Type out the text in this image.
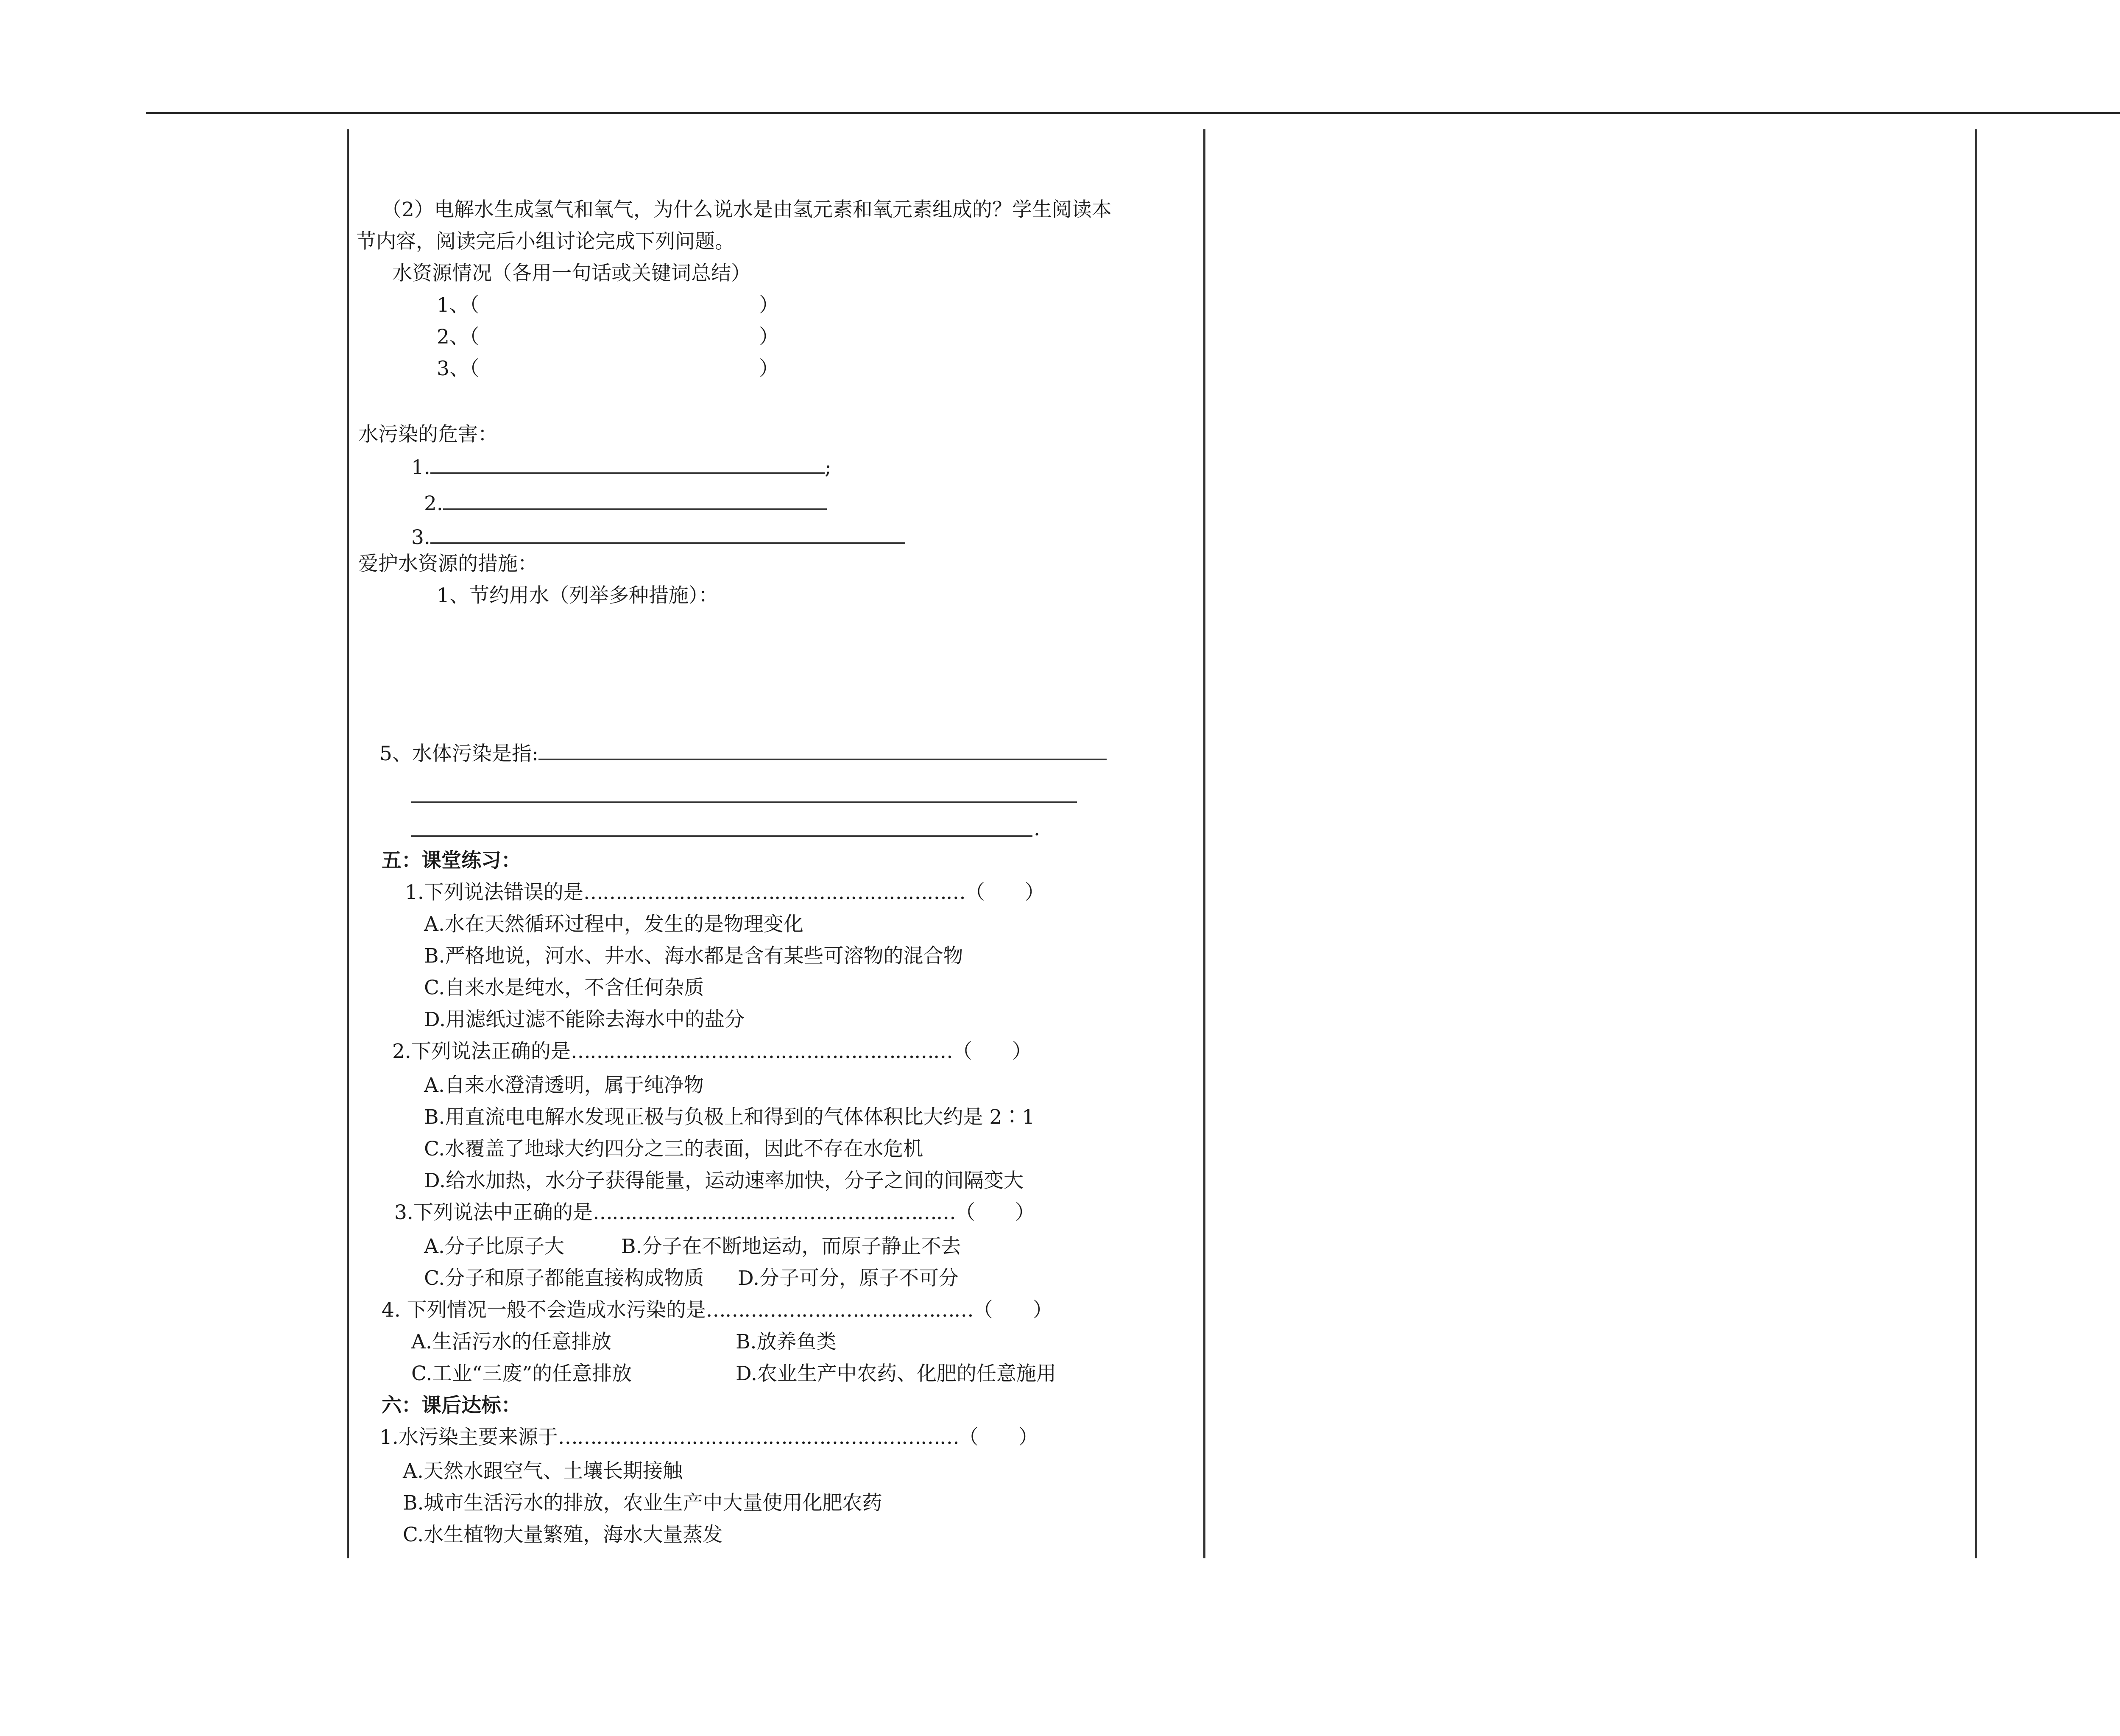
（2）电解水生成氢气和氧气，为什么说水是由氢元素和氧元素组成的？学生阅读本
节内容，阅读完后小组讨论完成下列问题。
水资源情况（各用一句话或关键词总结）
1、（	）
2、（	）
3、（	）
水污染的危害：
1.	;
2.
3.
爱护水资源的措施：
1、节约用水（列举多种措施）：
5、水体污染是指:
.
五：课堂练习：
1.下列说法错误的是……………………………………………………（　　）
A.水在天然循环过程中，发生的是物理变化
B.严格地说，河水、井水、海水都是含有某些可溶物的混合物
C.自来水是纯水，不含任何杂质
D.用滤纸过滤不能除去海水中的盐分
2.下列说法正确的是……………………………………………………（　　）
A.自来水澄清透明，属于纯净物
B.用直流电电解水发现正极与负极上和得到的气体体积比大约是 2∶1
C.水覆盖了地球大约四分之三的表面，因此不存在水危机
D.给水加热，水分子获得能量，运动速率加快，分子之间的间隔变大
3.下列说法中正确的是…………………………………………………（　　）
A.分子比原子大	B.分子在不断地运动，而原子静止不去
C.分子和原子都能直接构成物质 D.分子可分，原子不可分
4. 下列情况一般不会造成水污染的是……………………………………（　　）
A.生活污水的任意排放	B.放养鱼类
C.工业“三废”的任意排放	D.农业生产中农药、化肥的任意施用
六：课后达标：
1.水污染主要来源于………………………………………………………（　　）
A.天然水跟空气、土壤长期接触
B.城市生活污水的排放，农业生产中大量使用化肥农药
C.水生植物大量繁殖，海水大量蒸发
